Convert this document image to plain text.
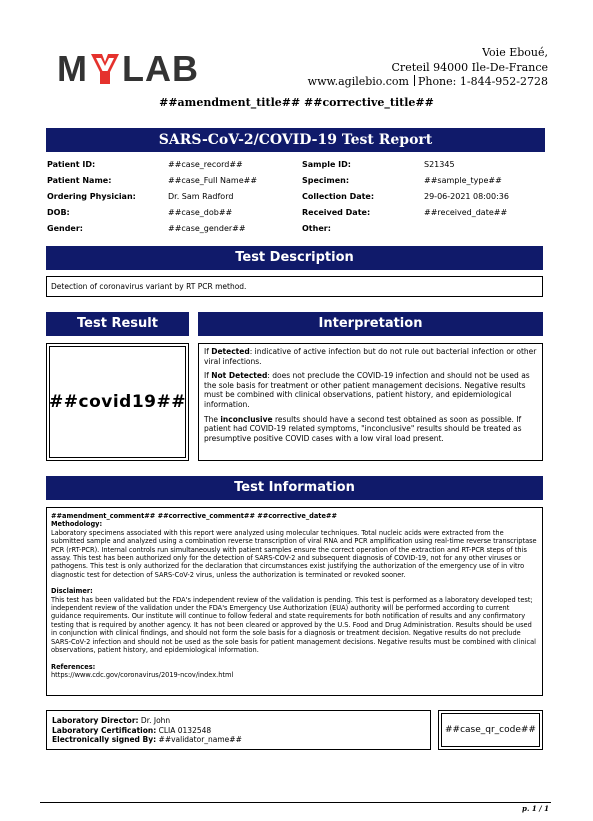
M LAB	Voie Eboué,
Creteil 94000 Ile-De-France
www.agilebio.com Phone: 1-844-952-2728
##amendment_title## ##corrective_title##
SARS-CoV-2/COVID-19 Test Report
Patient ID:	##case_record##
Patient Name:	##case_Full Name##
Ordering Physician:	Dr. Sam Radford
DOB:	##case_dob##
Gender:	##case_gender##
Sample ID:	S21345
Specimen:	##sample_type##
Collection Date:	29-06-2021 08:00:36
Received Date:	##received_date##
Other:
Test Description
Detection of coronavirus variant by RT PCR method.
Test Result	Interpretation
##covid19##

If Detected: indicative of active infection but do not rule out bacterial infection or other viral infections.

If Not Detected: does not preclude the COVID-19 infection and should not be used as the sole basis for treatment or other patient management decisions. Negative results must be combined with clinical observations, patient history, and epidemiological information.

The inconclusive results should have a second test obtained as soon as possible. If patient had COVID-19 related symptoms, "inconclusive" results should be treated as presumptive positive COVID cases with a low viral load present.

Test Information
##amendment_comment## ##corrective_comment## ##corrective_date##
Methodology:
Laboratory specimens associated with this report were analyzed using molecular techniques. Total nucleic acids were extracted from the submitted sample and analyzed using a combination reverse transcription of viral RNA and PCR amplification using real-time reverse transcriptase PCR (rRT-PCR). Internal controls run simultaneously with patient samples ensure the correct operation of the extraction and RT-PCR steps of this assay. This test has been authorized only for the detection of SARS-COV-2 and subsequent diagnosis of COVID-19, not for any other viruses or pathogens. This test is only authorized for the declaration that circumstances exist justifying the authorization of the emergency use of in vitro diagnostic test for detection of SARS-CoV-2 virus, unless the authorization is terminated or revoked sooner.
Disclaimer:
This test has been validated but the FDA's independent review of the validation is pending. This test is performed as a laboratory developed test; independent review of the validation under the FDA's Emergency Use Authorization (EUA) authority will be performed according to current guidance requirements. Our institute will continue to follow federal and state requirements for both notification of results and any confirmatory testing that is required by another agency. It has not been cleared or approved by the U.S. Food and Drug Administration. Results should be used in conjunction with clinical findings, and should not form the sole basis for a diagnosis or treatment decision. Negative results do not preclude SARS-CoV-2 infection and should not be used as the sole basis for patient management decisions. Negative results must be combined with clinical observations, patient history, and epidemiological information.
References:
https://www.cdc.gov/coronavirus/2019-ncov/index.html
Laboratory Director: Dr. John
Laboratory Certification: CLIA 0132548
Electronically signed By: ##validator_name##
##case_qr_code##
p. 1 / 1
